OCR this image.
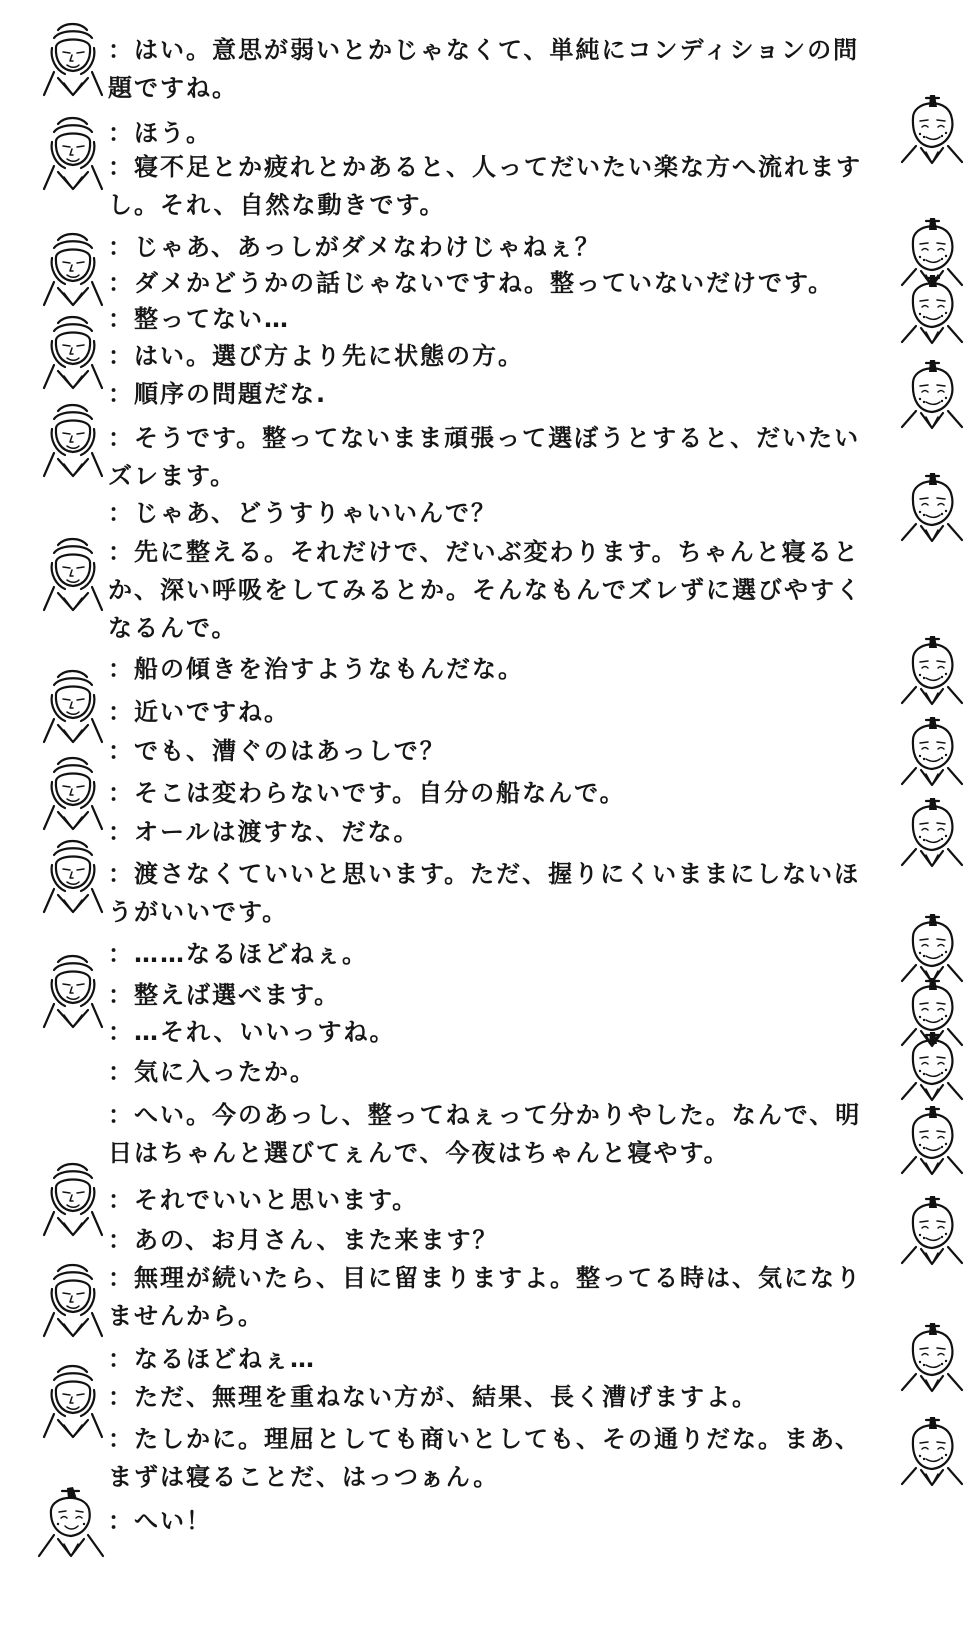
：はい。意思が弱いとかじゃなくて、単純にコンディションの問題ですね。
：ほう。
：寝不足とか疲れとかあると、人ってだいたい楽な方へ流れますし。それ、自然な動きです。
：じゃあ、あっしがダメなわけじゃねぇ？
：ダメかどうかの話じゃないですね。整っていないだけです。
：整ってない…
：はい。選び方より先に状態の方。
：順序の問題だな.
：そうです。整ってないまま頑張って選ぼうとすると、だいたいズレます。
：じゃあ、どうすりゃいいんで？
：先に整える。それだけで、だいぶ変わります。ちゃんと寝るとか、深い呼吸をしてみるとか。そんなもんでズレずに選びやすくなるんで。
：船の傾きを治すようなもんだな。
：近いですね。
：でも、漕ぐのはあっしで？
：そこは変わらないです。自分の船なんで。
：オールは渡すな、だな。
：渡さなくていいと思います。ただ、握りにくいままにしないほうがいいです。
：……なるほどねぇ。
：整えば選べます。
：…それ、いいっすね。
：気に入ったか。
：へい。今のあっし、整ってねぇって分かりやした。なんで、明日はちゃんと選びてぇんで、今夜はちゃんと寝やす。
：それでいいと思います。
：あの、お月さん、また来ます？
：無理が続いたら、目に留まりますよ。整ってる時は、気になりませんから。
：なるほどねぇ…
：ただ、無理を重ねない方が、結果、長く漕げますよ。
：たしかに。理屈としても商いとしても、その通りだな。まあ、まずは寝ることだ、はっつぁん。
：へい！
